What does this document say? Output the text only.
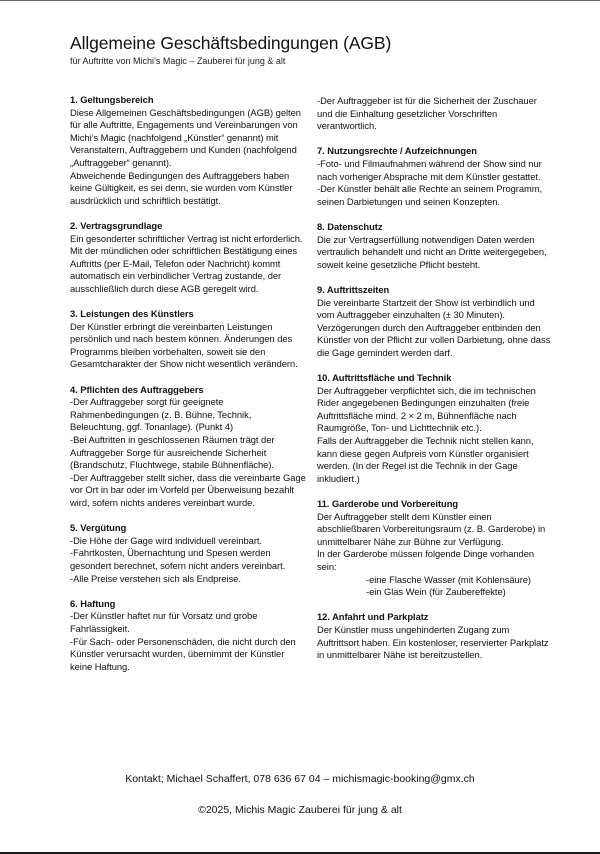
Allgemeine Geschäftsbedingungen (AGB)
für Auftritte von Michi’s Magic – Zauberei für jung & alt
1. Geltungsbereich
Diese Allgemeinen Geschäftsbedingungen (AGB) gelten für alle Auftritte, Engagements und Vereinbarungen von Michi’s Magic (nachfolgend „Künstler“ genannt) mit Veranstaltern, Auftraggebern und Kunden (nachfolgend „Auftraggeber“ genannt).
Abweichende Bedingungen des Auftraggebers haben keine Gültigkeit, es sei denn, sie wurden vom Künstler ausdrücklich und schriftlich bestätigt.
2. Vertragsgrundlage
Ein gesonderter schriftlicher Vertrag ist nicht erforderlich.
Mit der mündlichen oder schriftlichen Bestätigung eines Auftritts (per E-Mail, Telefon oder Nachricht) kommt automatisch ein verbindlicher Vertrag zustande, der ausschließlich durch diese AGB geregelt wird.
3. Leistungen des Künstlers
Der Künstler erbringt die vereinbarten Leistungen persönlich und nach bestem können. Änderungen des Programms bleiben vorbehalten, soweit sie den Gesamtcharakter der Show nicht wesentlich verändern.
4. Pflichten des Auftraggebers
-Der Auftraggeber sorgt für geeignete Rahmenbedingungen (z. B. Bühne, Technik, Beleuchtung, ggf. Tonanlage). (Punkt 4)
-Bei Auftritten in geschlossenen Räumen trägt der Auftraggeber Sorge für ausreichende Sicherheit (Brandschutz, Fluchtwege, stabile Bühnenfläche).
-Der Auftraggeber stellt sicher, dass die vereinbarte Gage vor Ort in bar oder im Vorfeld per Überweisung bezahlt wird, sofern nichts anderes vereinbart wurde.
5. Vergütung
-Die Höhe der Gage wird individuell vereinbart.
-Fahrtkosten, Übernachtung und Spesen werden gesondert berechnet, sofern nicht anders vereinbart.
-Alle Preise verstehen sich als Endpreise.
6. Haftung
-Der Künstler haftet nur für Vorsatz und grobe Fahrlässigkeit.
-Für Sach- oder Personenschäden, die nicht durch den Künstler verursacht wurden, übernimmt der Künstler keine Haftung.
-Der Auftraggeber ist für die Sicherheit der Zuschauer und die Einhaltung gesetzlicher Vorschriften verantwortlich.
7. Nutzungsrechte / Aufzeichnungen
-Foto- und Filmaufnahmen während der Show sind nur nach vorheriger Absprache mit dem Künstler gestattet.
-Der Künstler behält alle Rechte an seinem Programm, seinen Darbietungen und seinen Konzepten.
8. Datenschutz
Die zur Vertragserfüllung notwendigen Daten werden vertraulich behandelt und nicht an Dritte weitergegeben, soweit keine gesetzliche Pflicht besteht.
9. Auftrittszeiten
Die vereinbarte Startzeit der Show ist verbindlich und vom Auftraggeber einzuhalten (± 30 Minuten). Verzögerungen durch den Auftraggeber entbinden den Künstler von der Pflicht zur vollen Darbietung, ohne dass die Gage gemindert werden darf.
10. Auftrittsfläche und Technik
Der Auftraggeber verpflichtet sich, die im technischen Rider angegebenen Bedingungen einzuhalten (freie Auftrittsfläche mind. 2 × 2 m, Bühnenfläche nach Raumgröße, Ton- und Lichttechnik etc.).
Falls der Auftraggeber die Technik nicht stellen kann, kann diese gegen Aufpreis vom Künstler organisiert werden. (In der Regel ist die Technik in der Gage inkludiert.)
11. Garderobe und Vorbereitung
Der Auftraggeber stellt dem Künstler einen abschließbaren Vorbereitungsraum (z. B. Garderobe) in unmittelbarer Nähe zur Bühne zur Verfügung.
In der Garderobe müssen folgende Dinge vorhanden sein:
-eine Flasche Wasser (mit Kohlensäure)
-ein Glas Wein (für Zaubereffekte)
12. Anfahrt und Parkplatz
Der Künstler muss ungehinderten Zugang zum Auftrittsort haben. Ein kostenloser, reservierter Parkplatz in unmittelbarer Nähe ist bereitzustellen.
Kontakt; Michael Schaffert, 078 636 67 04 – michismagic-booking@gmx.ch
©2025, Michis Magic Zauberei für jung & alt
